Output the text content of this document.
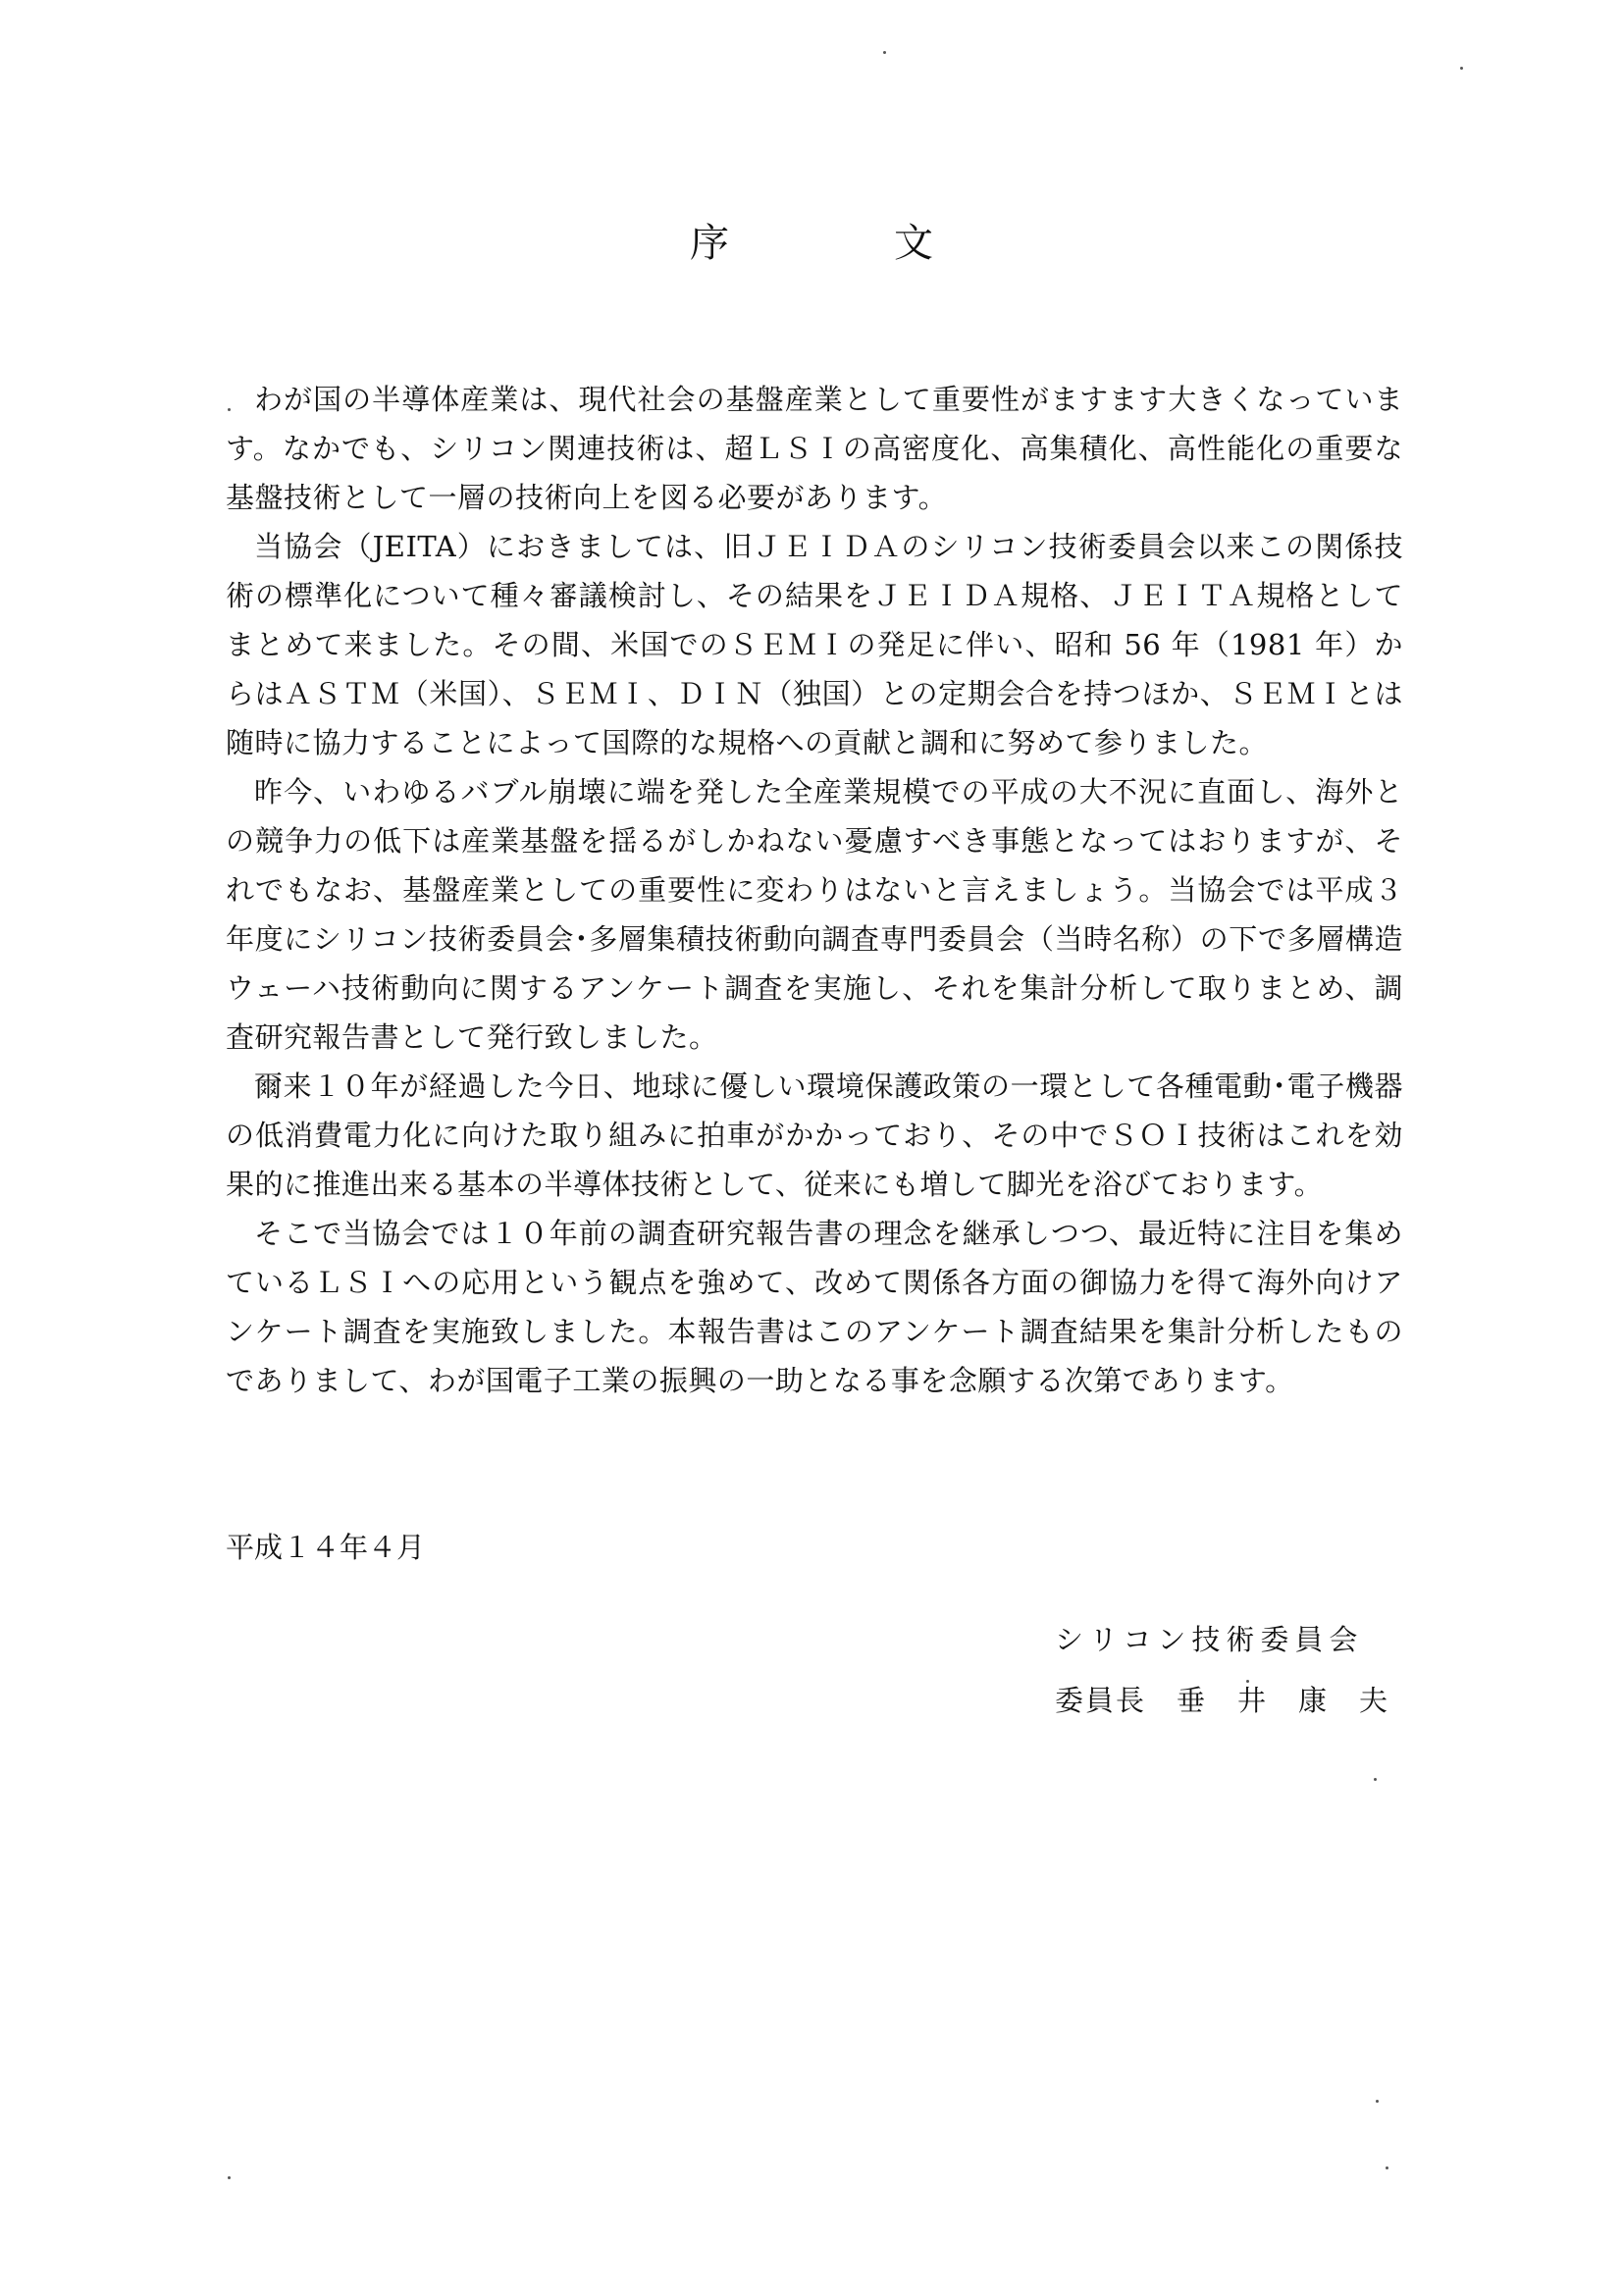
序　文

わが国の半導体産業は、現代社会の基盤産業として重要性がますます大きくなっています。なかでも、シリコン関連技術は、超ＬＳＩの高密度化、高集積化、高性能化の重要な基盤技術として一層の技術向上を図る必要があります。

当協会（JEITA）におきましては、旧ＪＥＩＤＡのシリコン技術委員会以来この関係技術の標準化について種々審議検討し、その結果をＪＥＩＤＡ規格、ＪＥＩＴＡ規格としてまとめて来ました。その間、米国でのＳＥＭＩの発足に伴い、昭和 56 年（1981 年）からはＡＳＴＭ（米国）、ＳＥＭＩ、ＤＩＮ（独国）との定期会合を持つほか、ＳＥＭＩとは随時に協力することによって国際的な規格への貢献と調和に努めて参りました。

昨今、いわゆるバブル崩壊に端を発した全産業規模での平成の大不況に直面し、海外との競争力の低下は産業基盤を揺るがしかねない憂慮すべき事態となってはおりますが、それでもなお、基盤産業としての重要性に変わりはないと言えましょう。当協会では平成３年度にシリコン技術委員会･多層集積技術動向調査専門委員会（当時名称）の下で多層構造ウェーハ技術動向に関するアンケート調査を実施し、それを集計分析して取りまとめ、調査研究報告書として発行致しました。

爾来１０年が経過した今日、地球に優しい環境保護政策の一環として各種電動･電子機器の低消費電力化に向けた取り組みに拍車がかかっており、その中でＳＯＩ技術はこれを効果的に推進出来る基本の半導体技術として、従来にも増して脚光を浴びております。

そこで当協会では１０年前の調査研究報告書の理念を継承しつつ、最近特に注目を集めているＬＳＩへの応用という観点を強めて、改めて関係各方面の御協力を得て海外向けアンケート調査を実施致しました。本報告書はこのアンケート調査結果を集計分析したものでありまして、わが国電子工業の振興の一助となる事を念願する次第であります。

平成１４年４月
シリコン技術委員会
委員長　垂　井　康　夫
